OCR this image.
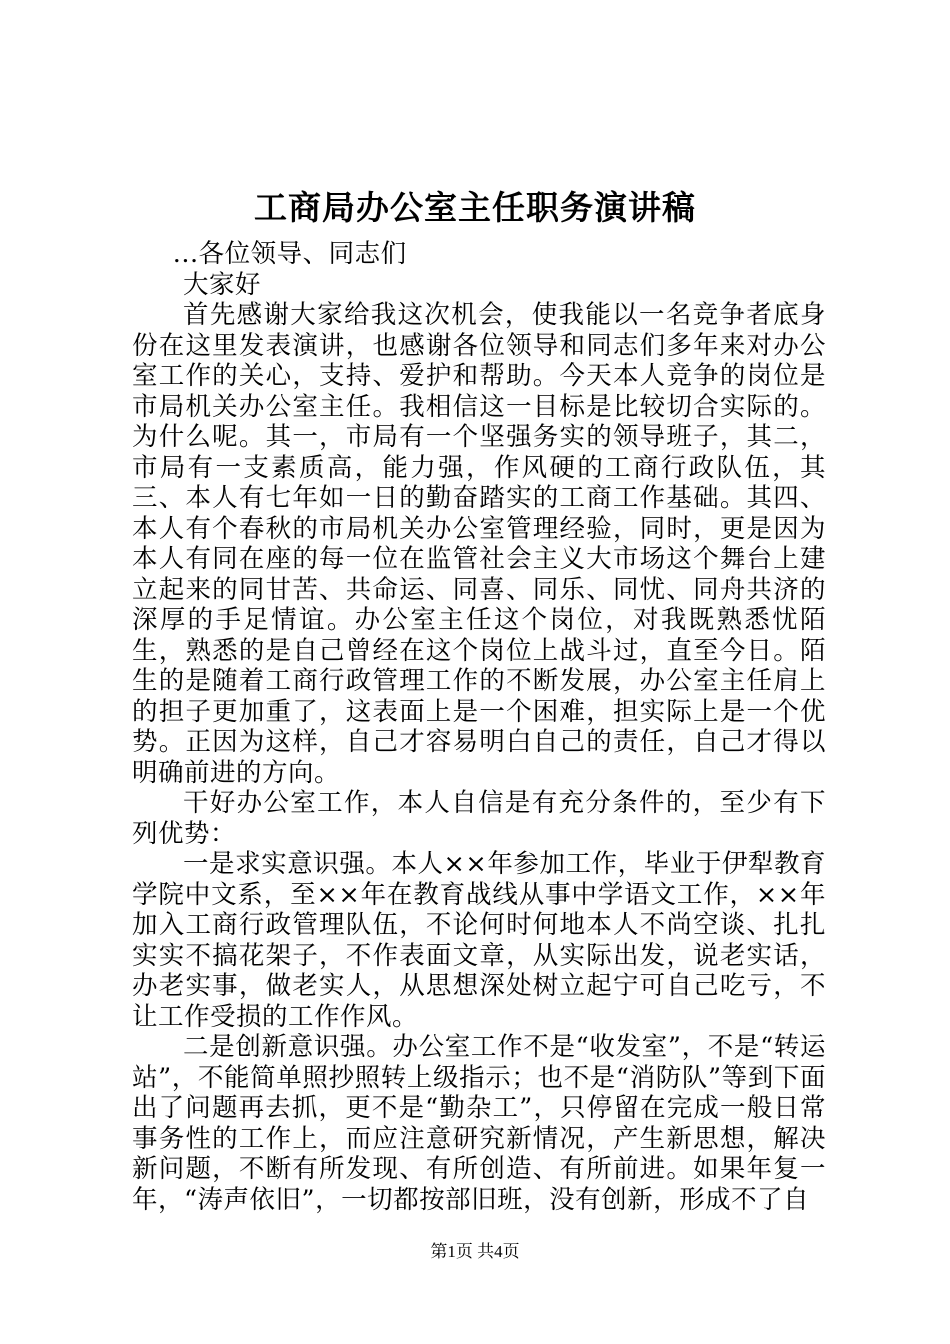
工商局办公室主任职务演讲稿

...各位领导、同志们

大家好

首先感谢大家给我这次机会，使我能以一名竞争者底身份在这里发表演讲，也感谢各位领导和同志们多年来对办公室工作的关心，支持、爱护和帮助。今天本人竞争的岗位是市局机关办公室主任。我相信这一目标是比较切合实际的。为什么呢。其一，市局有一个坚强务实的领导班子，其二，市局有一支素质高，能力强，作风硬的工商行政队伍，其三、本人有七年如一日的勤奋踏实的工商工作基础。其四、本人有个春秋的市局机关办公室管理经验，同时，更是因为本人有同在座的每一位在监管社会主义大市场这个舞台上建立起来的同甘苦、共命运、同喜、同乐、同忧、同舟共济的深厚的手足情谊。办公室主任这个岗位，对我既熟悉忧陌生，熟悉的是自己曾经在这个岗位上战斗过，直至今日。陌生的是随着工商行政管理工作的不断发展，办公室主任肩上的担子更加重了，这表面上是一个困难，担实际上是一个优势。正因为这样，自己才容易明白自己的责任，自己才得以明确前进的方向。

干好办公室工作，本人自信是有充分条件的，至少有下列优势：

一是求实意识强。本人××年参加工作，毕业于伊犁教育学院中文系，至××年在教育战线从事中学语文工作，××年加入工商行政管理队伍，不论何时何地本人不尚空谈、扎扎实实不搞花架子，不作表面文章，从实际出发，说老实话，办老实事，做老实人，从思想深处树立起宁可自己吃亏，不让工作受损的工作作风。

二是创新意识强。办公室工作不是“收发室”，不是“转运站”，不能简单照抄照转上级指示；也不是“消防队”等到下面出了问题再去抓，更不是“勤杂工”，只停留在完成一般日常事务性的工作上，而应注意研究新情况，产生新思想，解决新问题，不断有所发现、有所创造、有所前进。如果年复一年，“涛声依旧”，一切都按部旧班，没有创新，形成不了自

第1页 共4页
